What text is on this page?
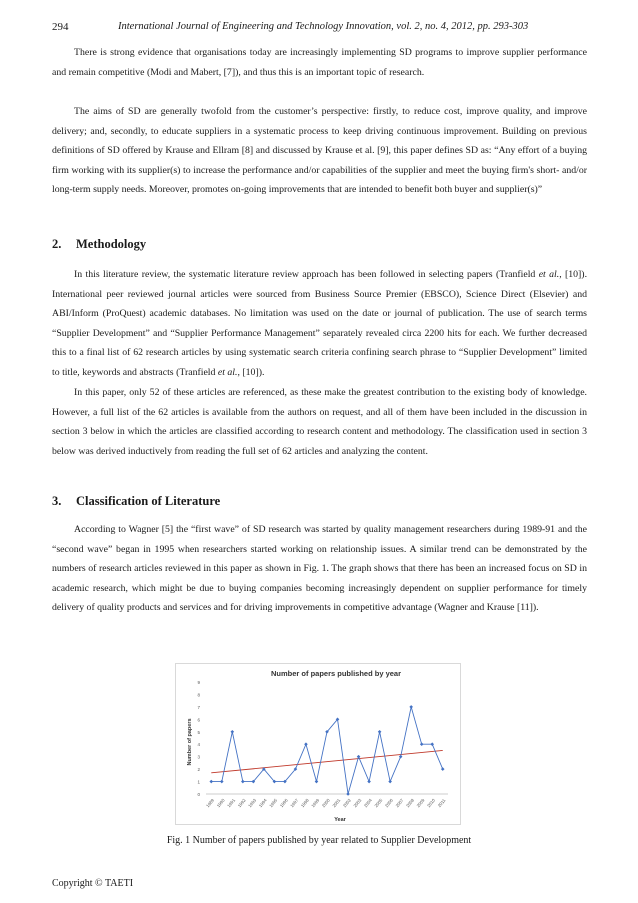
294	International Journal of Engineering and Technology Innovation, vol. 2, no. 4, 2012, pp. 293-303

There is strong evidence that organisations today are increasingly implementing SD programs to improve supplier performance and remain competitive (Modi and Mabert, [7]), and thus this is an important topic of research.

The aims of SD are generally twofold from the customer’s perspective: firstly, to reduce cost, improve quality, and improve delivery; and, secondly, to educate suppliers in a systematic process to keep driving continuous improvement. Building on previous definitions of SD offered by Krause and Ellram [8] and discussed by Krause et al. [9], this paper defines SD as: “Any effort of a buying firm working with its supplier(s) to increase the performance and/or capabilities of the supplier and meet the buying firm's short- and/or long-term supply needs. Moreover, promotes on-going improvements that are intended to benefit both buyer and supplier(s)”

2. Methodology

In this literature review, the systematic literature review approach has been followed in selecting papers (Tranfield et al., [10]). International peer reviewed journal articles were sourced from Business Source Premier (EBSCO), Science Direct (Elsevier) and ABI/Inform (ProQuest) academic databases. No limitation was used on the date or journal of publication. The use of search terms “Supplier Development” and “Supplier Performance Management” separately revealed circa 2200 hits for each. We further decreased this to a final list of 62 research articles by using systematic search criteria confining search phrase to “Supplier Development” limited to title, keywords and abstracts (Tranfield et al., [10]).

In this paper, only 52 of these articles are referenced, as these make the greatest contribution to the existing body of knowledge. However, a full list of the 62 articles is available from the authors on request, and all of them have been included in the discussion in section 3 below in which the articles are classified according to research content and methodology. The classification used in section 3 below was derived inductively from reading the full set of 62 articles and analyzing the content.

3. Classification of Literature

According to Wagner [5] the “first wave” of SD research was started by quality management researchers during 1989-91 and the “second wave” began in 1995 when researchers started working on relationship issues. A similar trend can be demonstrated by the numbers of research articles reviewed in this paper as shown in Fig. 1. The graph shows that there has been an increased focus on SD in academic research, which might be due to buying companies becoming increasingly dependent on supplier performance for timely delivery of quality products and services and for driving improvements in competitive advantage (Wagner and Krause [11]).

Number of papers published by year
Number of papers
Year
0
1
2
3
4
5
6
7
8
9
1989 1990 1991 1992 1993 1994 1995 1996 1997 1998 1999 2000 2001 2002 2003 2004 2005 2006 2007 2008 2009 2010 2011
Fig. 1 Number of papers published by year related to Supplier Development
Copyright © TAETI
